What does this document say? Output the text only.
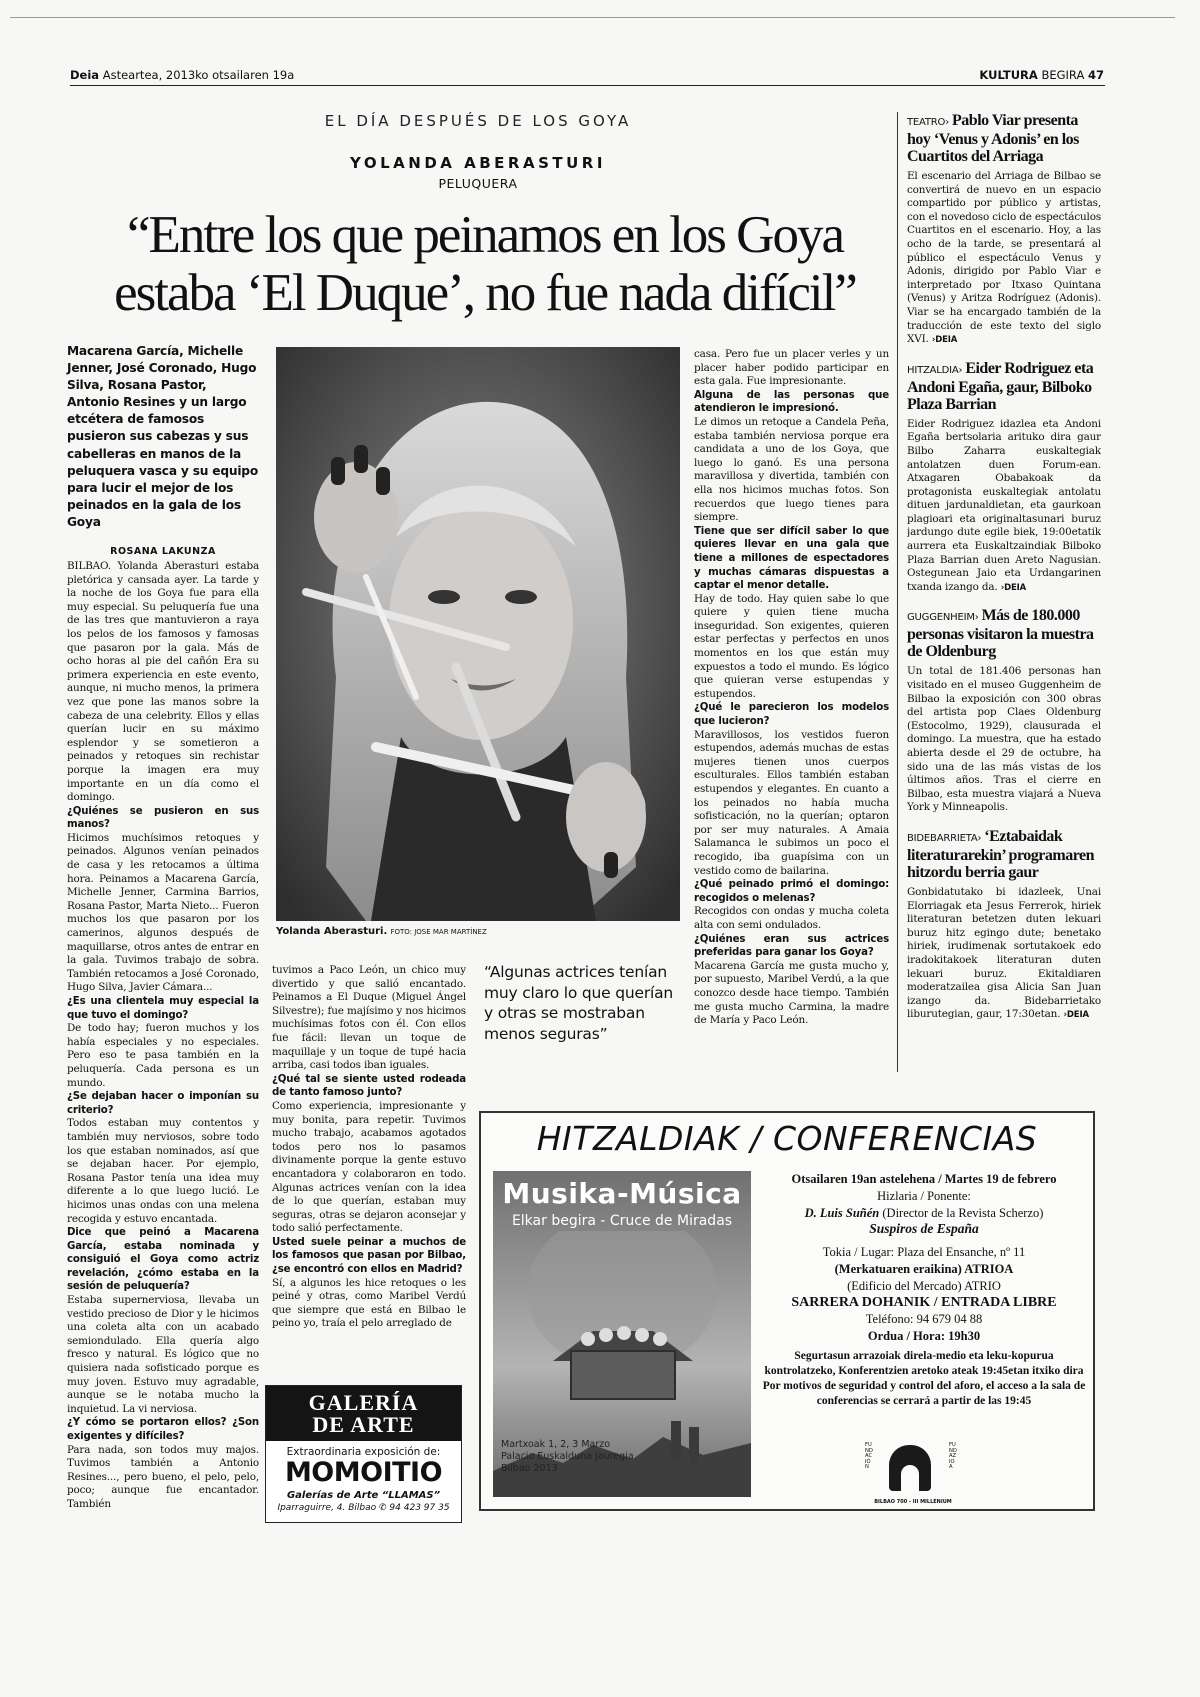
Deia Asteartea, 2013ko otsailaren 19a	KULTURA BEGIRA 47
EL DÍA DESPUÉS DE LOS GOYA
YOLANDA ABERASTURI
PELUQUERA
“Entre los que peinamos en los Goya
estaba ‘El Duque’, no fue nada difícil”
Macarena García, Michelle Jenner, José Coronado, Hugo Silva, Rosana Pastor, Antonio Resines y un largo etcétera de famosos pusieron sus cabezas y sus cabelleras en manos de la peluquera vasca y su equipo para lucir el mejor de los peinados en la gala de los Goya
ROSANA LAKUNZA

BILBAO. Yolanda Aberasturi estaba pletórica y cansada ayer. La tarde y la noche de los Goya fue para ella muy especial. Su peluquería fue una de las tres que mantuvieron a raya los pelos de los famosos y famosas que pasaron por la gala. Más de ocho horas al pie del cañón Era su primera experiencia en este evento, aunque, ni mucho menos, la primera vez que pone las manos sobre la cabeza de una celebrity. Ellos y ellas querían lucir en su máximo esplendor y se sometieron a peinados y retoques sin rechistar porque la imagen era muy importante en un día como el domingo.

¿Quiénes se pusieron en sus manos?

Hicimos muchísimos retoques y peinados. Algunos venían peinados de casa y les retocamos a última hora. Peinamos a Macarena García, Michelle Jenner, Carmina Barrios, Rosana Pastor, Marta Nieto... Fueron muchos los que pasaron por los camerinos, algunos después de maquillarse, otros antes de entrar en la gala. Tuvimos trabajo de sobra. También retocamos a José Coronado, Hugo Silva, Javier Cámara...

¿Es una clientela muy especial la que tuvo el domingo?

De todo hay; fueron muchos y los había especiales y no especiales. Pero eso te pasa también en la peluquería. Cada persona es un mundo.

¿Se dejaban hacer o imponían su criterio?

Todos estaban muy contentos y también muy nerviosos, sobre todo los que estaban nominados, así que se dejaban hacer. Por ejemplo, Rosana Pastor tenía una idea muy diferente a lo que luego lució. Le hicimos unas ondas con una melena recogida y estuvo encantada.

Dice que peinó a Macarena García, estaba nominada y consiguió el Goya como actriz revelación, ¿cómo estaba en la sesión de peluquería?

Estaba supernerviosa, llevaba un vestido precioso de Dior y le hicimos una coleta alta con un acabado semiondulado. Ella quería algo fresco y natural. Es lógico que no quisiera nada sofisticado porque es muy joven. Estuvo muy agradable, aunque se le notaba mucho la inquietud. La vi nerviosa.

¿Y cómo se portaron ellos? ¿Son exigentes y difíciles?

Para nada, son todos muy majos. Tuvimos también a Antonio Resines..., pero bueno, el pelo, pelo, poco; aunque fue encantador. También

Yolanda Aberasturi. FOTO: JOSE MAR MARTÍNEZ

tuvimos a Paco León, un chico muy divertido y que salió encantado. Peinamos a El Duque (Miguel Ángel Silvestre); fue majísimo y nos hicimos muchísimas fotos con él. Con ellos fue fácil: llevan un toque de maquillaje y un toque de tupé hacia arriba, casi todos iban iguales.

¿Qué tal se siente usted rodeada de tanto famoso junto?

Como experiencia, impresionante y muy bonita, para repetir. Tuvimos mucho trabajo, acabamos agotados todos pero nos lo pasamos divinamente porque la gente estuvo encantadora y colaboraron en todo. Algunas actrices venían con la idea de lo que querían, estaban muy seguras, otras se dejaron aconsejar y todo salió perfectamente.

Usted suele peinar a muchos de los famosos que pasan por Bilbao, ¿se encontró con ellos en Madrid?

Sí, a algunos les hice retoques o les peiné y otras, como Maribel Verdú que siempre que está en Bilbao le peino yo, traía el pelo arreglado de

“Algunas actrices tenían muy claro lo que querían y otras se mostraban menos seguras”

casa. Pero fue un placer verles y un placer haber podido participar en esta gala. Fue impresionante.

Alguna de las personas que atendieron le impresionó.

Le dimos un retoque a Candela Peña, estaba también nerviosa porque era candidata a uno de los Goya, que luego lo ganó. Es una persona maravillosa y divertida, también con ella nos hicimos muchas fotos. Son recuerdos que luego tienes para siempre.

Tiene que ser difícil saber lo que quieres llevar en una gala que tiene a millones de espectadores y muchas cámaras dispuestas a captar el menor detalle.

Hay de todo. Hay quien sabe lo que quiere y quien tiene mucha inseguridad. Son exigentes, quieren estar perfectas y perfectos en unos momentos en los que están muy expuestos a todo el mundo. Es lógico que quieran verse estupendas y estupendos.

¿Qué le parecieron los modelos que lucieron?

Maravillosos, los vestidos fueron estupendos, además muchas de estas mujeres tienen unos cuerpos esculturales. Ellos también estaban estupendos y elegantes. En cuanto a los peinados no había mucha sofisticación, no la querían; optaron por ser muy naturales. A Amaia Salamanca le subimos un poco el recogido, iba guapísima con un vestido como de bailarina.

¿Qué peinado primó el domingo: recogidos o melenas?

Recogidos con ondas y mucha coleta alta con semi ondulados.

¿Quiénes eran sus actrices preferidas para ganar los Goya?

Macarena García me gusta mucho y, por supuesto, Maribel Verdú, a la que conozco desde hace tiempo. También me gusta mucho Carmina, la madre de María y Paco León.

TEATRO› Pablo Viar presenta hoy ‘Venus y Adonis’ en los Cuartitos del Arriaga
El escenario del Arriaga de Bilbao se convertirá de nuevo en un espacio compartido por público y artistas, con el novedoso ciclo de espectáculos Cuartitos en el escenario. Hoy, a las ocho de la tarde, se presentará al público el espectáculo Venus y Adonis, dirigido por Pablo Viar e interpretado por Itxaso Quintana (Venus) y Aritza Rodríguez (Adonis). Viar se ha encargado también de la traducción de este texto del siglo XVI. ›DEIA
HITZALDIA› Eider Rodriguez eta Andoni Egaña, gaur, Bilboko Plaza Barrian
Eider Rodriguez idazlea eta Andoni Egaña bertsolaria arituko dira gaur Bilbo Zaharra euskaltegiak antolatzen duen Forum-ean. Atxagaren Obabakoak da protagonista euskaltegiak antolatu dituen jardunaldietan, eta gaurkoan plagioari eta originaltasunari buruz jardungo dute egile biek, 19:00etatik aurrera eta Euskaltzaindiak Bilboko Plaza Barrian duen Areto Nagusian. Ostegunean Jaio eta Urdangarinen txanda izango da. ›DEIA
GUGGENHEIM› Más de 180.000 personas visitaron la muestra de Oldenburg
Un total de 181.406 personas han visitado en el museo Guggenheim de Bilbao la exposición con 300 obras del artista pop Claes Oldenburg (Estocolmo, 1929), clausurada el domingo. La muestra, que ha estado abierta desde el 29 de octubre, ha sido una de las más vistas de los últimos años. Tras el cierre en Bilbao, esta muestra viajará a Nueva York y Minneapolis.
BIDEBARRIETA› ‘Eztabaidak literaturarekin’ programaren hitzordu berria gaur
Gonbidatutako bi idazleek, Unai Elorriagak eta Jesus Ferrerok, hiriek literaturan betetzen duten lekuari buruz hitz egingo dute; benetako hiriek, irudimenak sortutakoek edo iradokitakoek literaturan duten lekuari buruz. Ekitaldiaren moderatzailea gisa Alicia San Juan izango da. Bidebarrietako liburutegian, gaur, 17:30etan. ›DEIA
HITZALDIAK / CONFERENCIAS
Musika-Música
Elkar begira - Cruce de Miradas
Martxoak 1, 2, 3 Marzo
Palacio Euskalduna Jauregia
Bilbao 2013
Otsailaren 19an astelehena / Martes 19 de febrero
Hizlaria / Ponente:
D. Luis Suñén (Director de la Revista Scherzo)
Suspiros de España
Tokia / Lugar: Plaza del Ensanche, nº 11
(Merkatuaren eraikina) ATRIOA
(Edificio del Mercado) ATRIO
SARRERA DOHANIK / ENTRADA LIBRE
Teléfono: 94 679 04 88
Ordua / Hora: 19h30
Segurtasun arrazoiak direla-medio eta leku-kopurua kontrolatzeko, Konferentzien aretoko ateak 19:45etan itxiko dira
Por motivos de seguridad y control del aforo, el acceso a la sala de conferencias se cerrará a partir de las 19:45
FUNDACIÓN
FUNDAZIOA
BILBAO 700 - III MILLENIUM
GALERÍA
DE ARTE
Extraordinaria exposición de:
MOMOITIO
Galerías de Arte “LLAMAS”
Iparraguirre, 4. Bilbao ✆ 94 423 97 35
